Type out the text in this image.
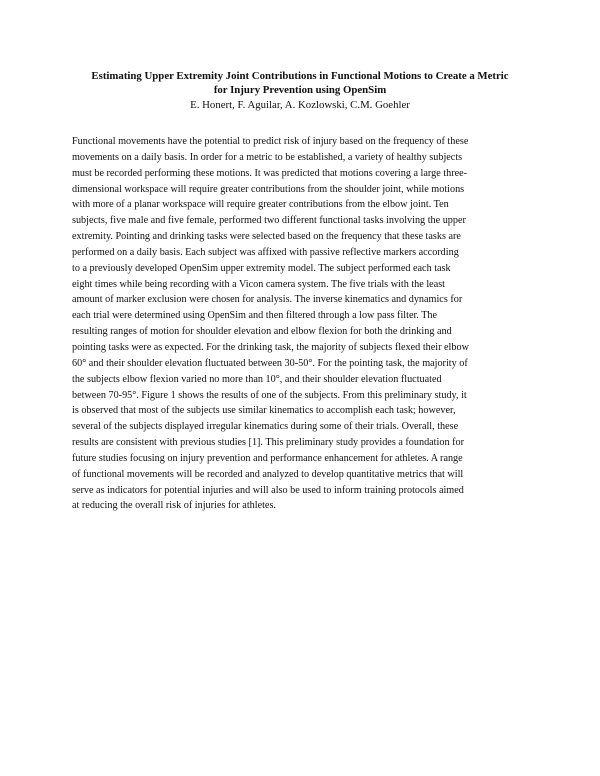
Estimating Upper Extremity Joint Contributions in Functional Motions to Create a Metric
for Injury Prevention using OpenSim
E. Honert, F. Aguilar, A. Kozlowski, C.M. Goehler
Functional movements have the potential to predict risk of injury based on the frequency of these
movements on a daily basis. In order for a metric to be established, a variety of healthy subjects
must be recorded performing these motions. It was predicted that motions covering a large three-
dimensional workspace will require greater contributions from the shoulder joint, while motions
with more of a planar workspace will require greater contributions from the elbow joint. Ten
subjects, five male and five female, performed two different functional tasks involving the upper
extremity. Pointing and drinking tasks were selected based on the frequency that these tasks are
performed on a daily basis. Each subject was affixed with passive reflective markers according
to a previously developed OpenSim upper extremity model. The subject performed each task
eight times while being recording with a Vicon camera system. The five trials with the least
amount of marker exclusion were chosen for analysis. The inverse kinematics and dynamics for
each trial were determined using OpenSim and then filtered through a low pass filter. The
resulting ranges of motion for shoulder elevation and elbow flexion for both the drinking and
pointing tasks were as expected. For the drinking task, the majority of subjects flexed their elbow
60° and their shoulder elevation fluctuated between 30-50°. For the pointing task, the majority of
the subjects elbow flexion varied no more than 10°, and their shoulder elevation fluctuated
between 70-95°. Figure 1 shows the results of one of the subjects. From this preliminary study, it
is observed that most of the subjects use similar kinematics to accomplish each task; however,
several of the subjects displayed irregular kinematics during some of their trials. Overall, these
results are consistent with previous studies [1]. This preliminary study provides a foundation for
future studies focusing on injury prevention and performance enhancement for athletes. A range
of functional movements will be recorded and analyzed to develop quantitative metrics that will
serve as indicators for potential injuries and will also be used to inform training protocols aimed
at reducing the overall risk of injuries for athletes.
